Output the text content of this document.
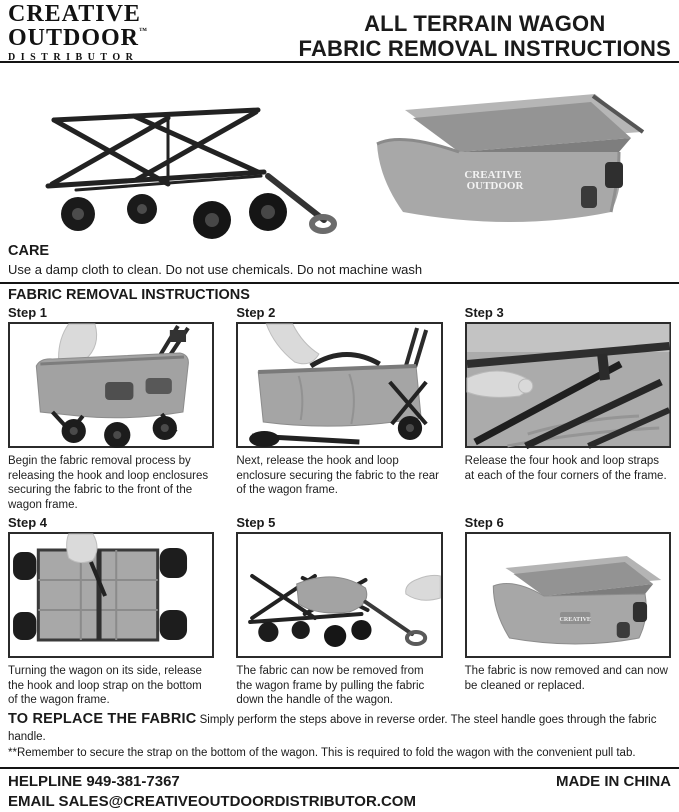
CREATIVE
OUTDOOR™
DISTRIBUTOR
ALL TERRAIN WAGON
FABRIC REMOVAL INSTRUCTIONS
CREATIVE
OUTDOOR
CARE
Use a damp cloth to clean. Do not use chemicals. Do not machine wash
FABRIC REMOVAL INSTRUCTIONS
Step 1
Begin the fabric removal process by releasing the hook and loop enclosures securing the fabric to the front of the wagon frame.
Step 2
Next, release the hook and loop enclosure securing the fabric to the rear of the wagon frame.
Step 3
Release the four hook and loop straps at each of the four corners of the frame.
Step 4
Turning the wagon on its side, release the hook and loop strap on the bottom of the wagon frame.
Step 5
The fabric can now be removed from the wagon frame by pulling the fabric down the handle of the wagon.
Step 6
CREATIVE
The fabric is now removed and can now be cleaned or replaced.
TO REPLACE THE FABRIC Simply perform the steps above in reverse order. The steel handle goes through the fabric handle.
**Remember to secure the strap on the bottom of the wagon. This is required to fold the wagon with the convenient pull tab.
HELPLINE 949-381-7367
EMAIL SALES@CREATIVEOUTDOORDISTRIBUTOR.COM
MADE IN CHINA
